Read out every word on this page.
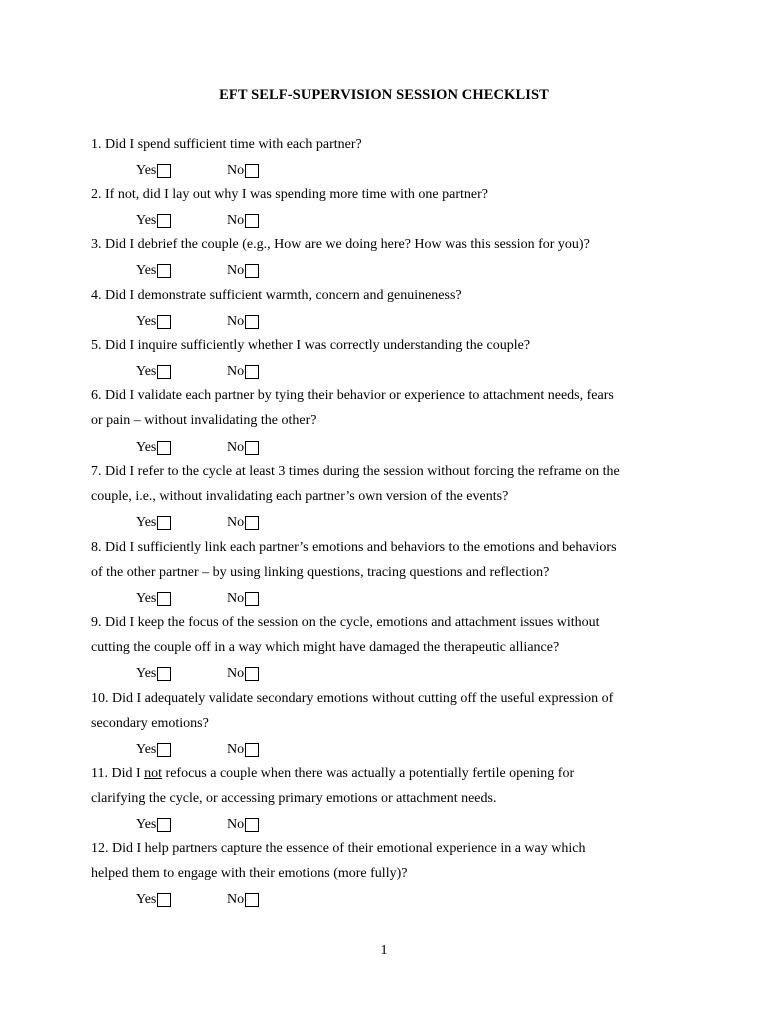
EFT SELF-SUPERVISION SESSION CHECKLIST
1. Did I spend sufficient time with each partner?
Yes	No
2. If not, did I lay out why I was spending more time with one partner?
Yes	No
3. Did I debrief the couple (e.g., How are we doing here? How was this session for you)?
Yes	No
4. Did I demonstrate sufficient warmth, concern and genuineness?
Yes	No
5. Did I inquire sufficiently whether I was correctly understanding the couple?
Yes	No
6. Did I validate each partner by tying their behavior or experience to attachment needs, fears
or pain – without invalidating the other?
Yes	No
7. Did I refer to the cycle at least 3 times during the session without forcing the reframe on the
couple, i.e., without invalidating each partner’s own version of the events?
Yes	No
8. Did I sufficiently link each partner’s emotions and behaviors to the emotions and behaviors
of the other partner – by using linking questions, tracing questions and reflection?
Yes	No
9. Did I keep the focus of the session on the cycle, emotions and attachment issues without
cutting the couple off in a way which might have damaged the therapeutic alliance?
Yes	No
10. Did I adequately validate secondary emotions without cutting off the useful expression of
secondary emotions?
Yes	No
11. Did I not refocus a couple when there was actually a potentially fertile opening for
clarifying the cycle, or accessing primary emotions or attachment needs.
Yes	No
12. Did I help partners capture the essence of their emotional experience in a way which
helped them to engage with their emotions (more fully)?
Yes	No
1
